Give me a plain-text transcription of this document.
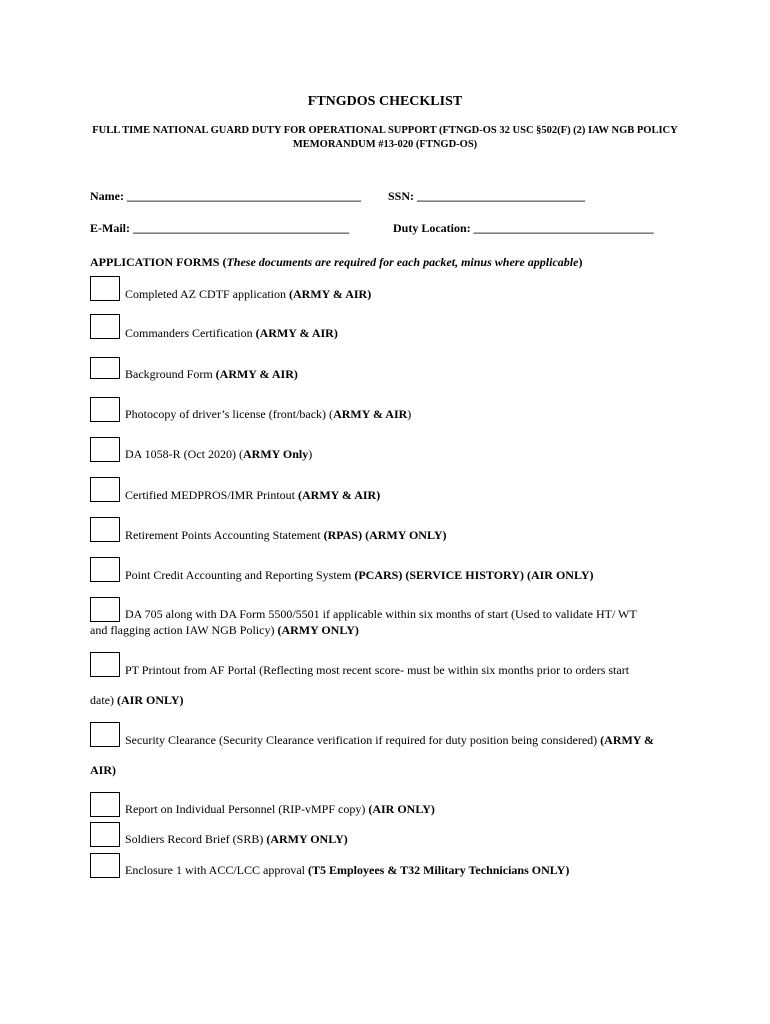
FTNGDOS CHECKLIST
FULL TIME NATIONAL GUARD DUTY FOR OPERATIONAL SUPPORT (FTNGD-OS 32 USC §502(F) (2) IAW NGB POLICY MEMORANDUM #13-020 (FTNGD-OS)
Name: _______________________________________ SSN: ____________________________
E-Mail: ____________________________________	Duty Location: ______________________________
APPLICATION FORMS (These documents are required for each packet, minus where applicable)
Completed AZ CDTF application (ARMY & AIR)
Commanders Certification (ARMY & AIR)
Background Form (ARMY & AIR)
Photocopy of driver’s license (front/back) (ARMY & AIR)
DA 1058-R (Oct 2020) (ARMY Only)
Certified MEDPROS/IMR Printout (ARMY & AIR)
Retirement Points Accounting Statement (RPAS) (ARMY ONLY)
Point Credit Accounting and Reporting System (PCARS) (SERVICE HISTORY) (AIR ONLY)
DA 705 along with DA Form 5500/5501 if applicable within six months of start (Used to validate HT/ WT
and flagging action IAW NGB Policy) (ARMY ONLY)
PT Printout from AF Portal (Reflecting most recent score- must be within six months prior to orders start
date) (AIR ONLY)
Security Clearance (Security Clearance verification if required for duty position being considered) (ARMY &
AIR)
Report on Individual Personnel (RIP-vMPF copy) (AIR ONLY)
Soldiers Record Brief (SRB) (ARMY ONLY)
Enclosure 1 with ACC/LCC approval (T5 Employees & T32 Military Technicians ONLY)
